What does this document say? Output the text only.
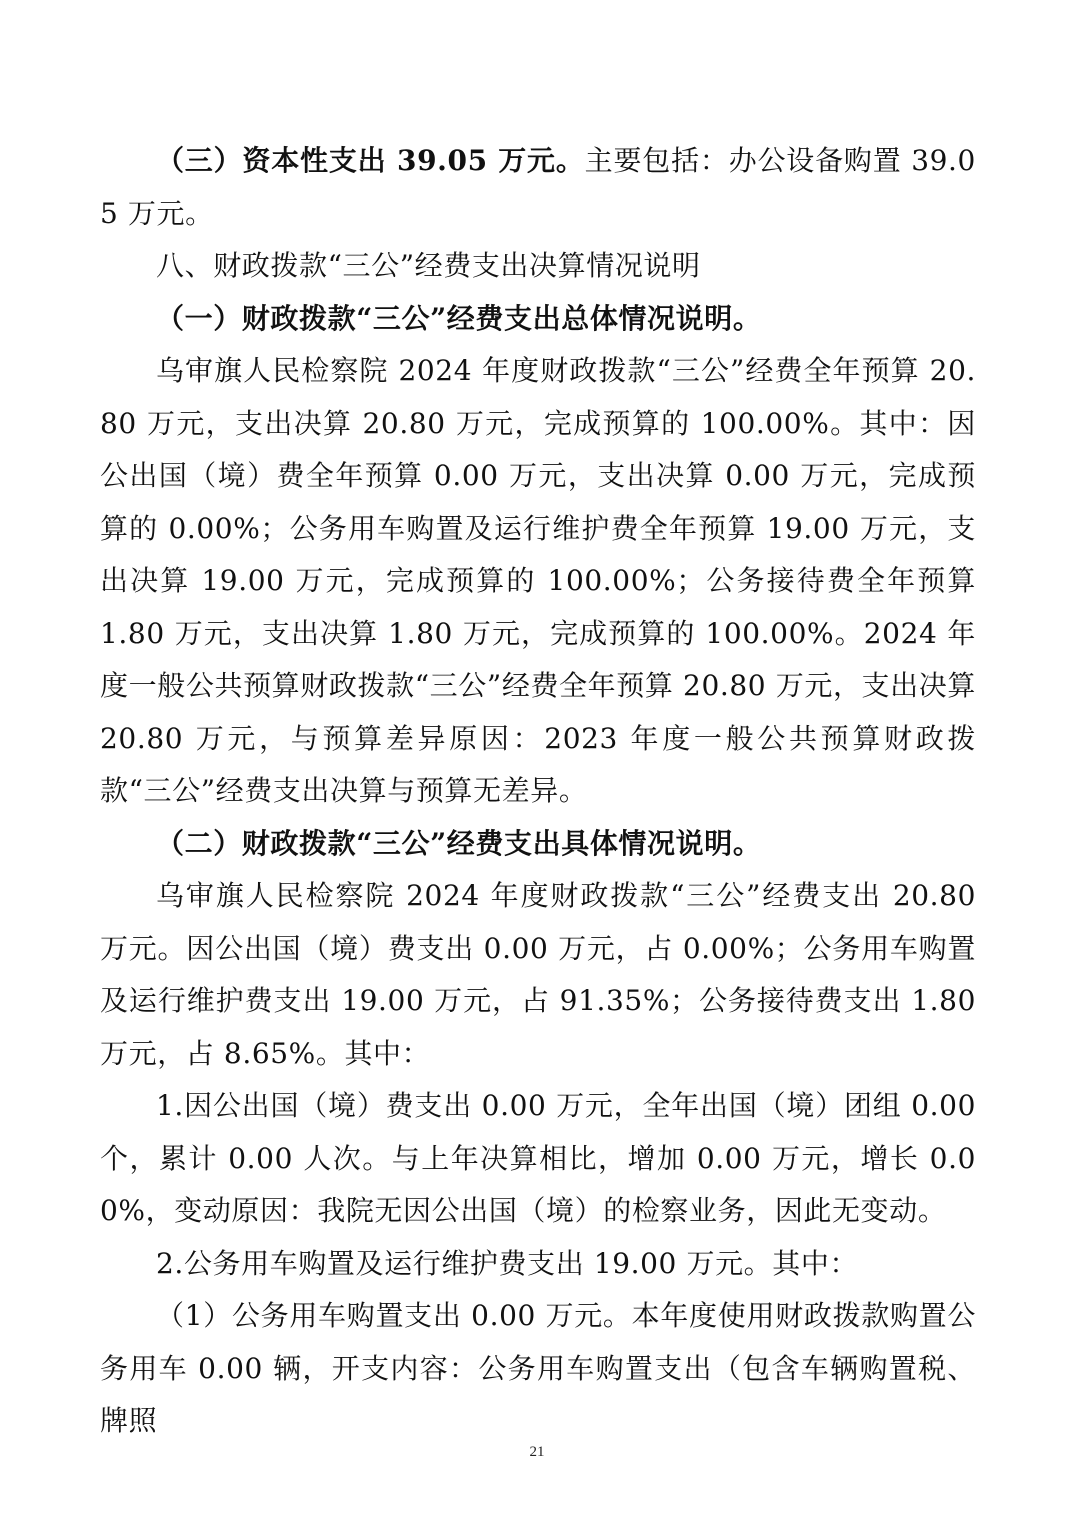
（三）资本性支出 39.05 万元。主要包括：办公设备购置 39.05 万元。

八、财政拨款“三公”经费支出决算情况说明

（一）财政拨款“三公”经费支出总体情况说明。

乌审旗人民检察院 2024 年度财政拨款“三公”经费全年预算 20.80 万元，支出决算 20.80 万元，完成预算的 100.00%。其中：因公出国（境）费全年预算 0.00 万元，支出决算 0.00 万元，完成预算的 0.00%；公务用车购置及运行维护费全年预算 19.00 万元，支出决算 19.00 万元，完成预算的 100.00%；公务接待费全年预算 1.80 万元，支出决算 1.80 万元，完成预算的 100.00%。2024 年度一般公共预算财政拨款“三公”经费全年预算 20.80 万元，支出决算 20.80 万元，与预算差异原因：2023 年度一般公共预算财政拨款“三公”经费支出决算与预算无差异。

（二）财政拨款“三公”经费支出具体情况说明。

乌审旗人民检察院 2024 年度财政拨款“三公”经费支出 20.80 万元。因公出国（境）费支出 0.00 万元，占 0.00%；公务用车购置及运行维护费支出 19.00 万元，占 91.35%；公务接待费支出 1.80 万元，占 8.65%。其中：

1.因公出国（境）费支出 0.00 万元，全年出国（境）团组 0.00 个，累计 0.00 人次。与上年决算相比，增加 0.00 万元，增长 0.00%，变动原因：我院无因公出国（境）的检察业务，因此无变动。

2.公务用车购置及运行维护费支出 19.00 万元。其中：

（1）公务用车购置支出 0.00 万元。本年度使用财政拨款购置公务用车 0.00 辆，开支内容：公务用车购置支出（包含车辆购置税、牌照

21
